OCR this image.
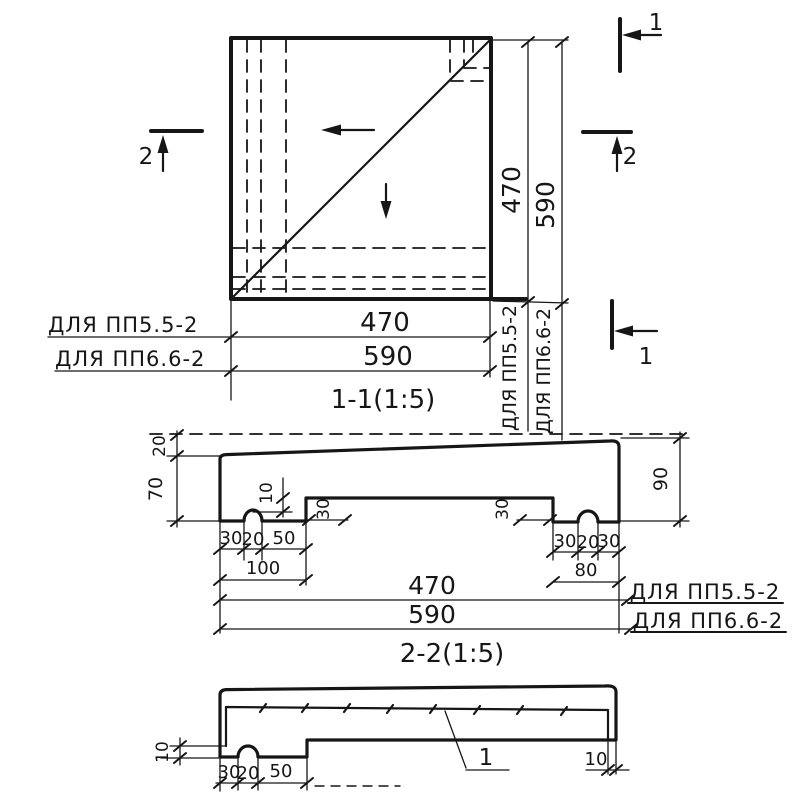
2	2
1
1
470 590
ДЛЯ ПП5.5-2 ДЛЯ ПП6.6-2
ДЛЯ ПП5.5-2	470
ДЛЯ ПП6.6-2	590
1-1(1:5)
20
70	10
30	30
90
30 20 50
100
30 20
30
80
470	ДЛЯ ПП5.5-2
590	ДЛЯ ПП6.6-2
2-2(1:5)
1
10
30
20 50
10
